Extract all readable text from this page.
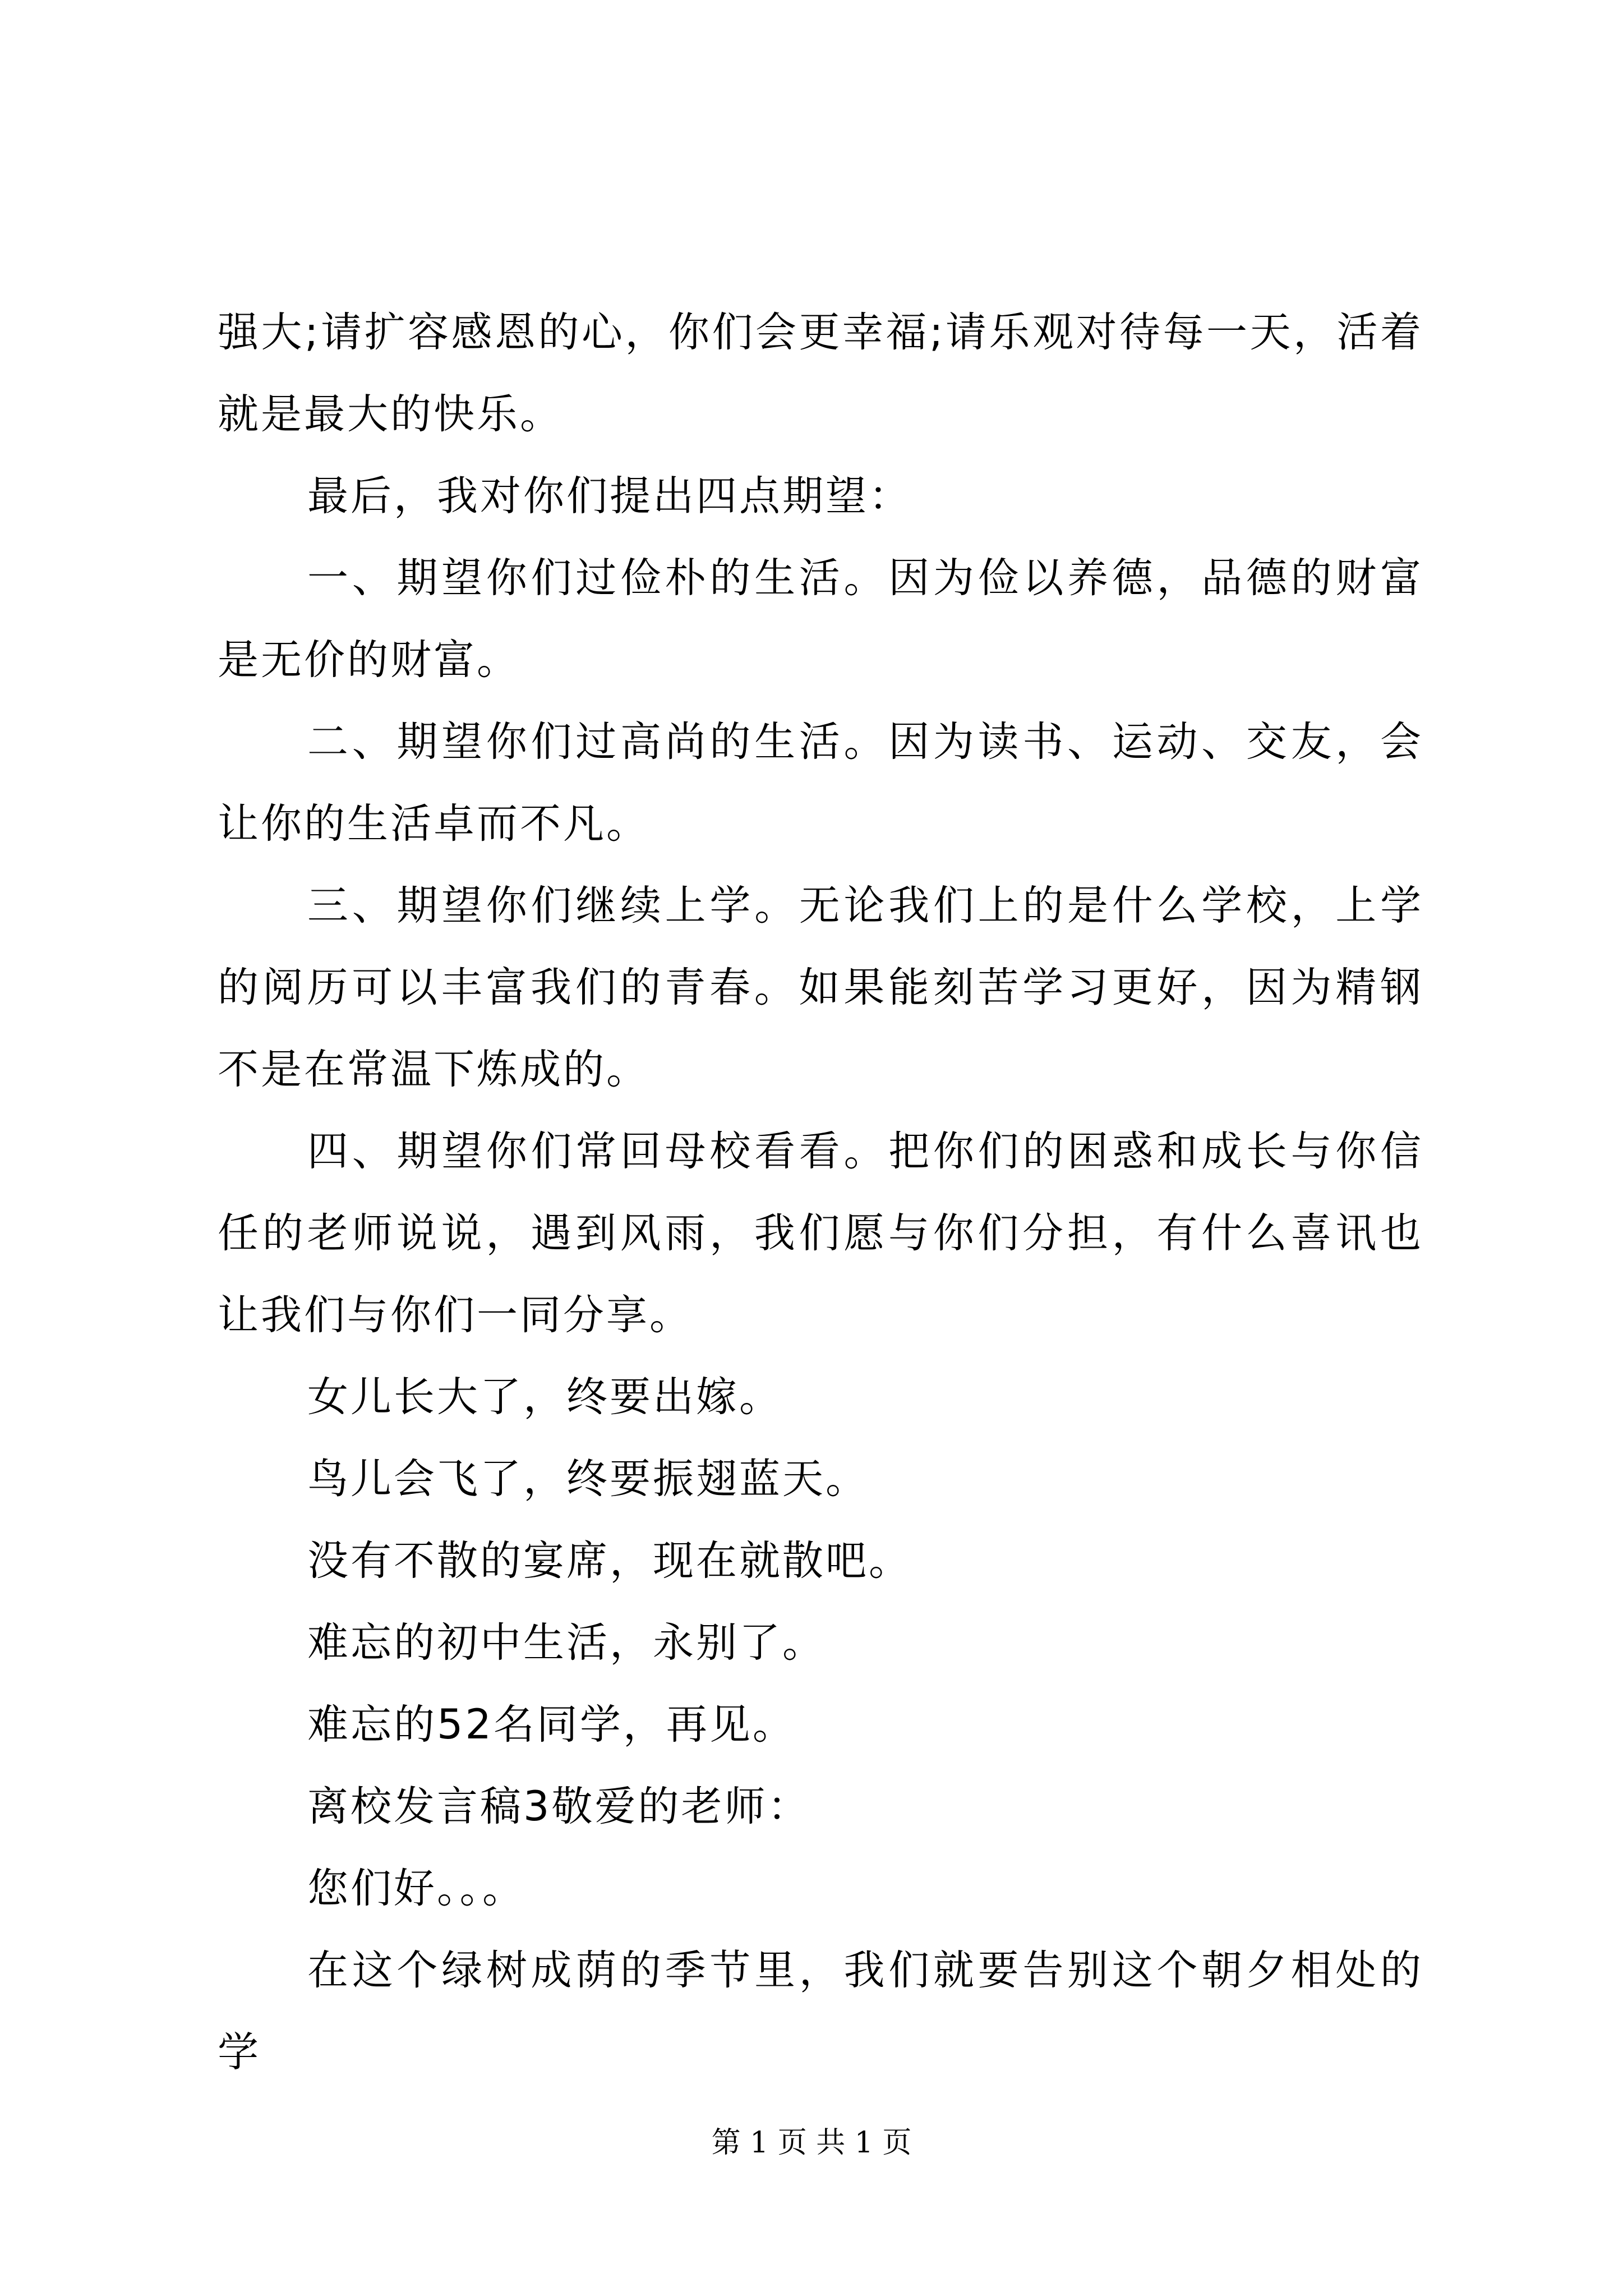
强大;请扩容感恩的心，你们会更幸福;请乐观对待每一天，活着就是最大的快乐。

最后，我对你们提出四点期望：

一、期望你们过俭朴的生活。因为俭以养德，品德的财富是无价的财富。

二、期望你们过高尚的生活。因为读书、运动、交友，会让你的生活卓而不凡。

三、期望你们继续上学。无论我们上的是什么学校，上学的阅历可以丰富我们的青春。如果能刻苦学习更好，因为精钢不是在常温下炼成的。

四、期望你们常回母校看看。把你们的困惑和成长与你信任的老师说说，遇到风雨，我们愿与你们分担，有什么喜讯也让我们与你们一同分享。

女儿长大了，终要出嫁。

鸟儿会飞了，终要振翅蓝天。

没有不散的宴席，现在就散吧。

难忘的初中生活，永别了。

难忘的52名同学，再见。

离校发言稿3敬爱的老师：

您们好。。。

在这个绿树成荫的季节里，我们就要告别这个朝夕相处的学

第 1 页 共 1 页
